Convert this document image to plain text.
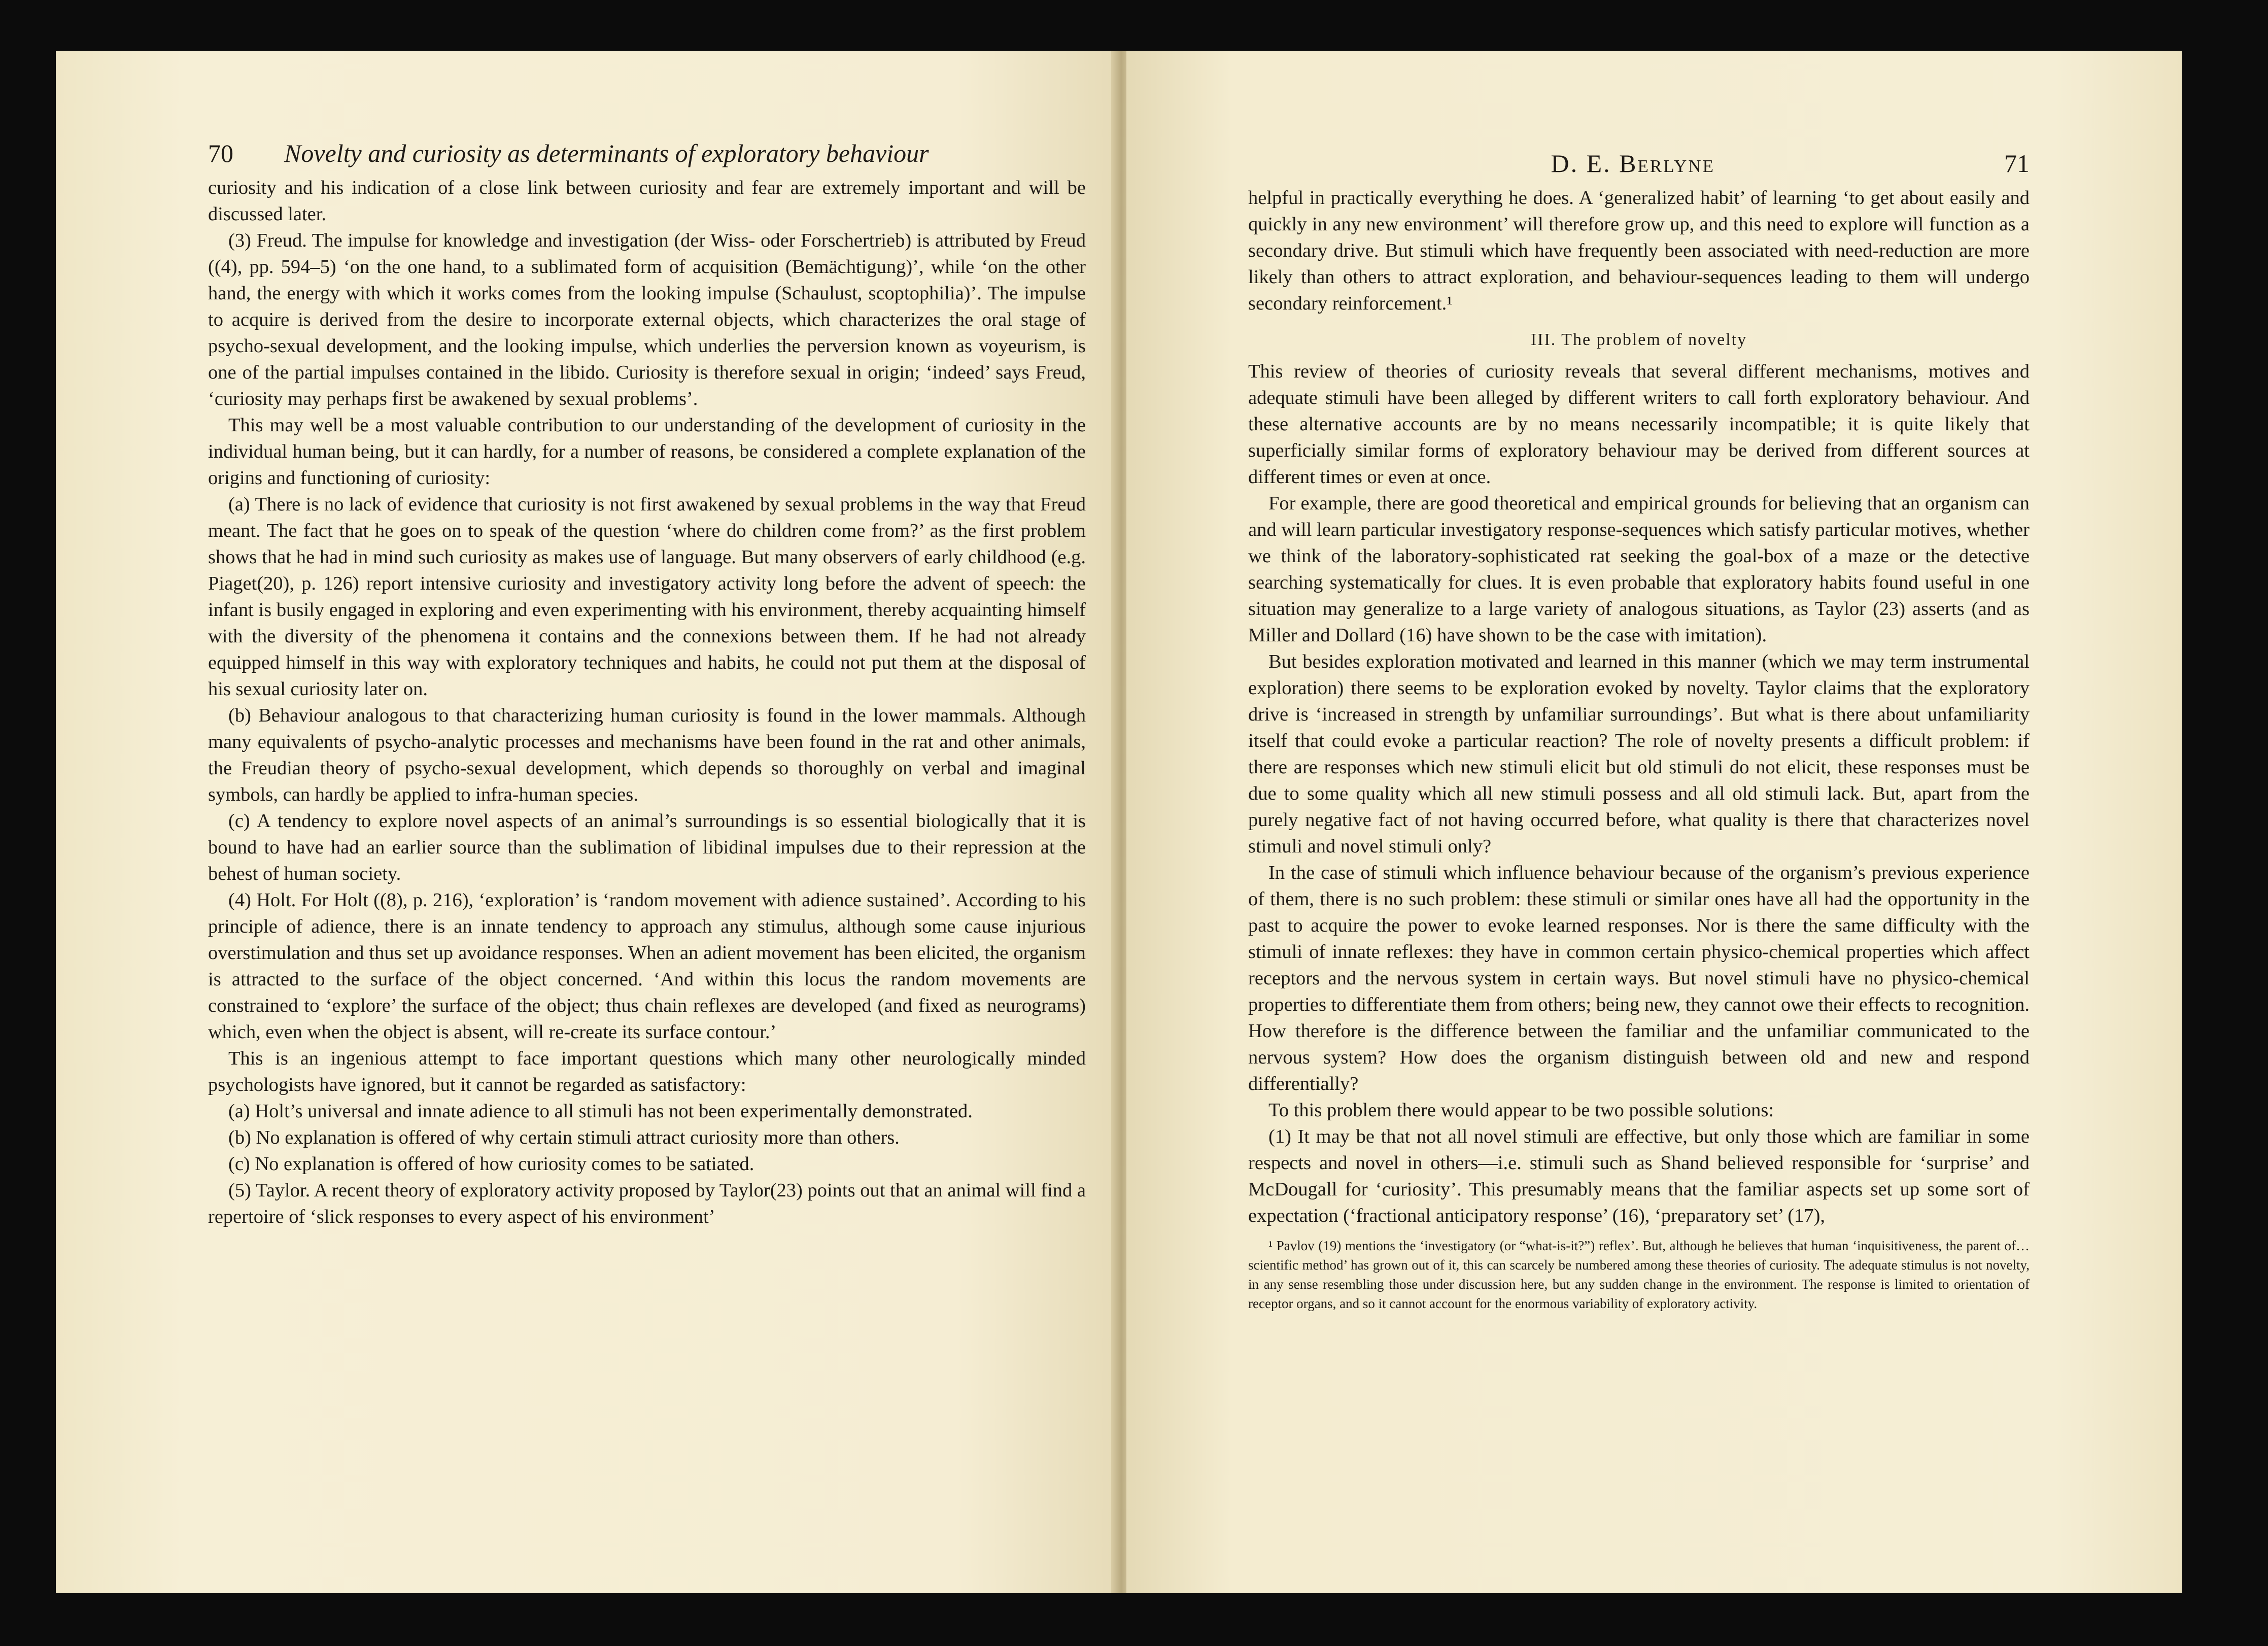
70 Novelty and curiosity as determinants of exploratory behaviour

curiosity and his indication of a close link between curiosity and fear are extremely important and will be discussed later.

(3) Freud. The impulse for knowledge and investigation (der Wiss- oder Forschertrieb) is attributed by Freud ((4), pp. 594–5) ‘on the one hand, to a sublimated form of acquisition (Bemächtigung)’, while ‘on the other hand, the energy with which it works comes from the looking impulse (Schaulust, scoptophilia)’. The impulse to acquire is derived from the desire to incorporate external objects, which characterizes the oral stage of psycho-sexual development, and the looking impulse, which underlies the perversion known as voyeurism, is one of the partial impulses contained in the libido. Curiosity is therefore sexual in origin; ‘indeed’ says Freud, ‘curiosity may perhaps first be awakened by sexual problems’.

This may well be a most valuable contribution to our understanding of the development of curiosity in the individual human being, but it can hardly, for a number of reasons, be considered a complete explanation of the origins and functioning of curiosity:

(a) There is no lack of evidence that curiosity is not first awakened by sexual problems in the way that Freud meant. The fact that he goes on to speak of the question ‘where do children come from?’ as the first problem shows that he had in mind such curiosity as makes use of language. But many observers of early childhood (e.g. Piaget(20), p. 126) report intensive curiosity and investigatory activity long before the advent of speech: the infant is busily engaged in exploring and even experimenting with his environment, thereby acquainting himself with the diversity of the phenomena it contains and the connexions between them. If he had not already equipped himself in this way with exploratory techniques and habits, he could not put them at the disposal of his sexual curiosity later on.

(b) Behaviour analogous to that characterizing human curiosity is found in the lower mammals. Although many equivalents of psycho-analytic processes and mechanisms have been found in the rat and other animals, the Freudian theory of psycho-sexual development, which depends so thoroughly on verbal and imaginal symbols, can hardly be applied to infra-human species.

(c) A tendency to explore novel aspects of an animal’s surroundings is so essential biologically that it is bound to have had an earlier source than the sublimation of libidinal impulses due to their repression at the behest of human society.

(4) Holt. For Holt ((8), p. 216), ‘exploration’ is ‘random movement with adience sustained’. According to his principle of adience, there is an innate tendency to approach any stimulus, although some cause injurious overstimulation and thus set up avoidance responses. When an adient movement has been elicited, the organism is attracted to the surface of the object concerned. ‘And within this locus the random movements are constrained to ‘explore’ the surface of the object; thus chain reflexes are developed (and fixed as neurograms) which, even when the object is absent, will re-create its surface contour.’

This is an ingenious attempt to face important questions which many other neurologically minded psychologists have ignored, but it cannot be regarded as satisfactory:

(a) Holt’s universal and innate adience to all stimuli has not been experimentally demonstrated.

(b) No explanation is offered of why certain stimuli attract curiosity more than others.

(c) No explanation is offered of how curiosity comes to be satiated.

(5) Taylor. A recent theory of exploratory activity proposed by Taylor(23) points out that an animal will find a repertoire of ‘slick responses to every aspect of his environment’

D. E. Berlyne	71

helpful in practically everything he does. A ‘generalized habit’ of learning ‘to get about easily and quickly in any new environment’ will therefore grow up, and this need to explore will function as a secondary drive. But stimuli which have frequently been associated with need-reduction are more likely than others to attract exploration, and behaviour-sequences leading to them will undergo secondary reinforcement.¹

III. The problem of novelty

This review of theories of curiosity reveals that several different mechanisms, motives and adequate stimuli have been alleged by different writers to call forth exploratory behaviour. And these alternative accounts are by no means necessarily incompatible; it is quite likely that superficially similar forms of exploratory behaviour may be derived from different sources at different times or even at once.

For example, there are good theoretical and empirical grounds for believing that an organism can and will learn particular investigatory response-sequences which satisfy particular motives, whether we think of the laboratory-sophisticated rat seeking the goal-box of a maze or the detective searching systematically for clues. It is even probable that exploratory habits found useful in one situation may generalize to a large variety of analogous situations, as Taylor (23) asserts (and as Miller and Dollard (16) have shown to be the case with imitation).

But besides exploration motivated and learned in this manner (which we may term instrumental exploration) there seems to be exploration evoked by novelty. Taylor claims that the exploratory drive is ‘increased in strength by unfamiliar surroundings’. But what is there about unfamiliarity itself that could evoke a particular reaction? The role of novelty presents a difficult problem: if there are responses which new stimuli elicit but old stimuli do not elicit, these responses must be due to some quality which all new stimuli possess and all old stimuli lack. But, apart from the purely negative fact of not having occurred before, what quality is there that characterizes novel stimuli and novel stimuli only?

In the case of stimuli which influence behaviour because of the organism’s previous experience of them, there is no such problem: these stimuli or similar ones have all had the opportunity in the past to acquire the power to evoke learned responses. Nor is there the same difficulty with the stimuli of innate reflexes: they have in common certain physico-chemical properties which affect receptors and the nervous system in certain ways. But novel stimuli have no physico-chemical properties to differentiate them from others; being new, they cannot owe their effects to recognition. How therefore is the difference between the familiar and the unfamiliar communicated to the nervous system? How does the organism distinguish between old and new and respond differentially?

To this problem there would appear to be two possible solutions:

(1) It may be that not all novel stimuli are effective, but only those which are familiar in some respects and novel in others—i.e. stimuli such as Shand believed responsible for ‘surprise’ and McDougall for ‘curiosity’. This presumably means that the familiar aspects set up some sort of expectation (‘fractional anticipatory response’ (16), ‘preparatory set’ (17),

¹ Pavlov (19) mentions the ‘investigatory (or “what-is-it?”) reflex’. But, although he believes that human ‘inquisitiveness, the parent of…scientific method’ has grown out of it, this can scarcely be numbered among these theories of curiosity. The adequate stimulus is not novelty, in any sense resembling those under discussion here, but any sudden change in the environment. The response is limited to orientation of receptor organs, and so it cannot account for the enormous variability of exploratory activity.
